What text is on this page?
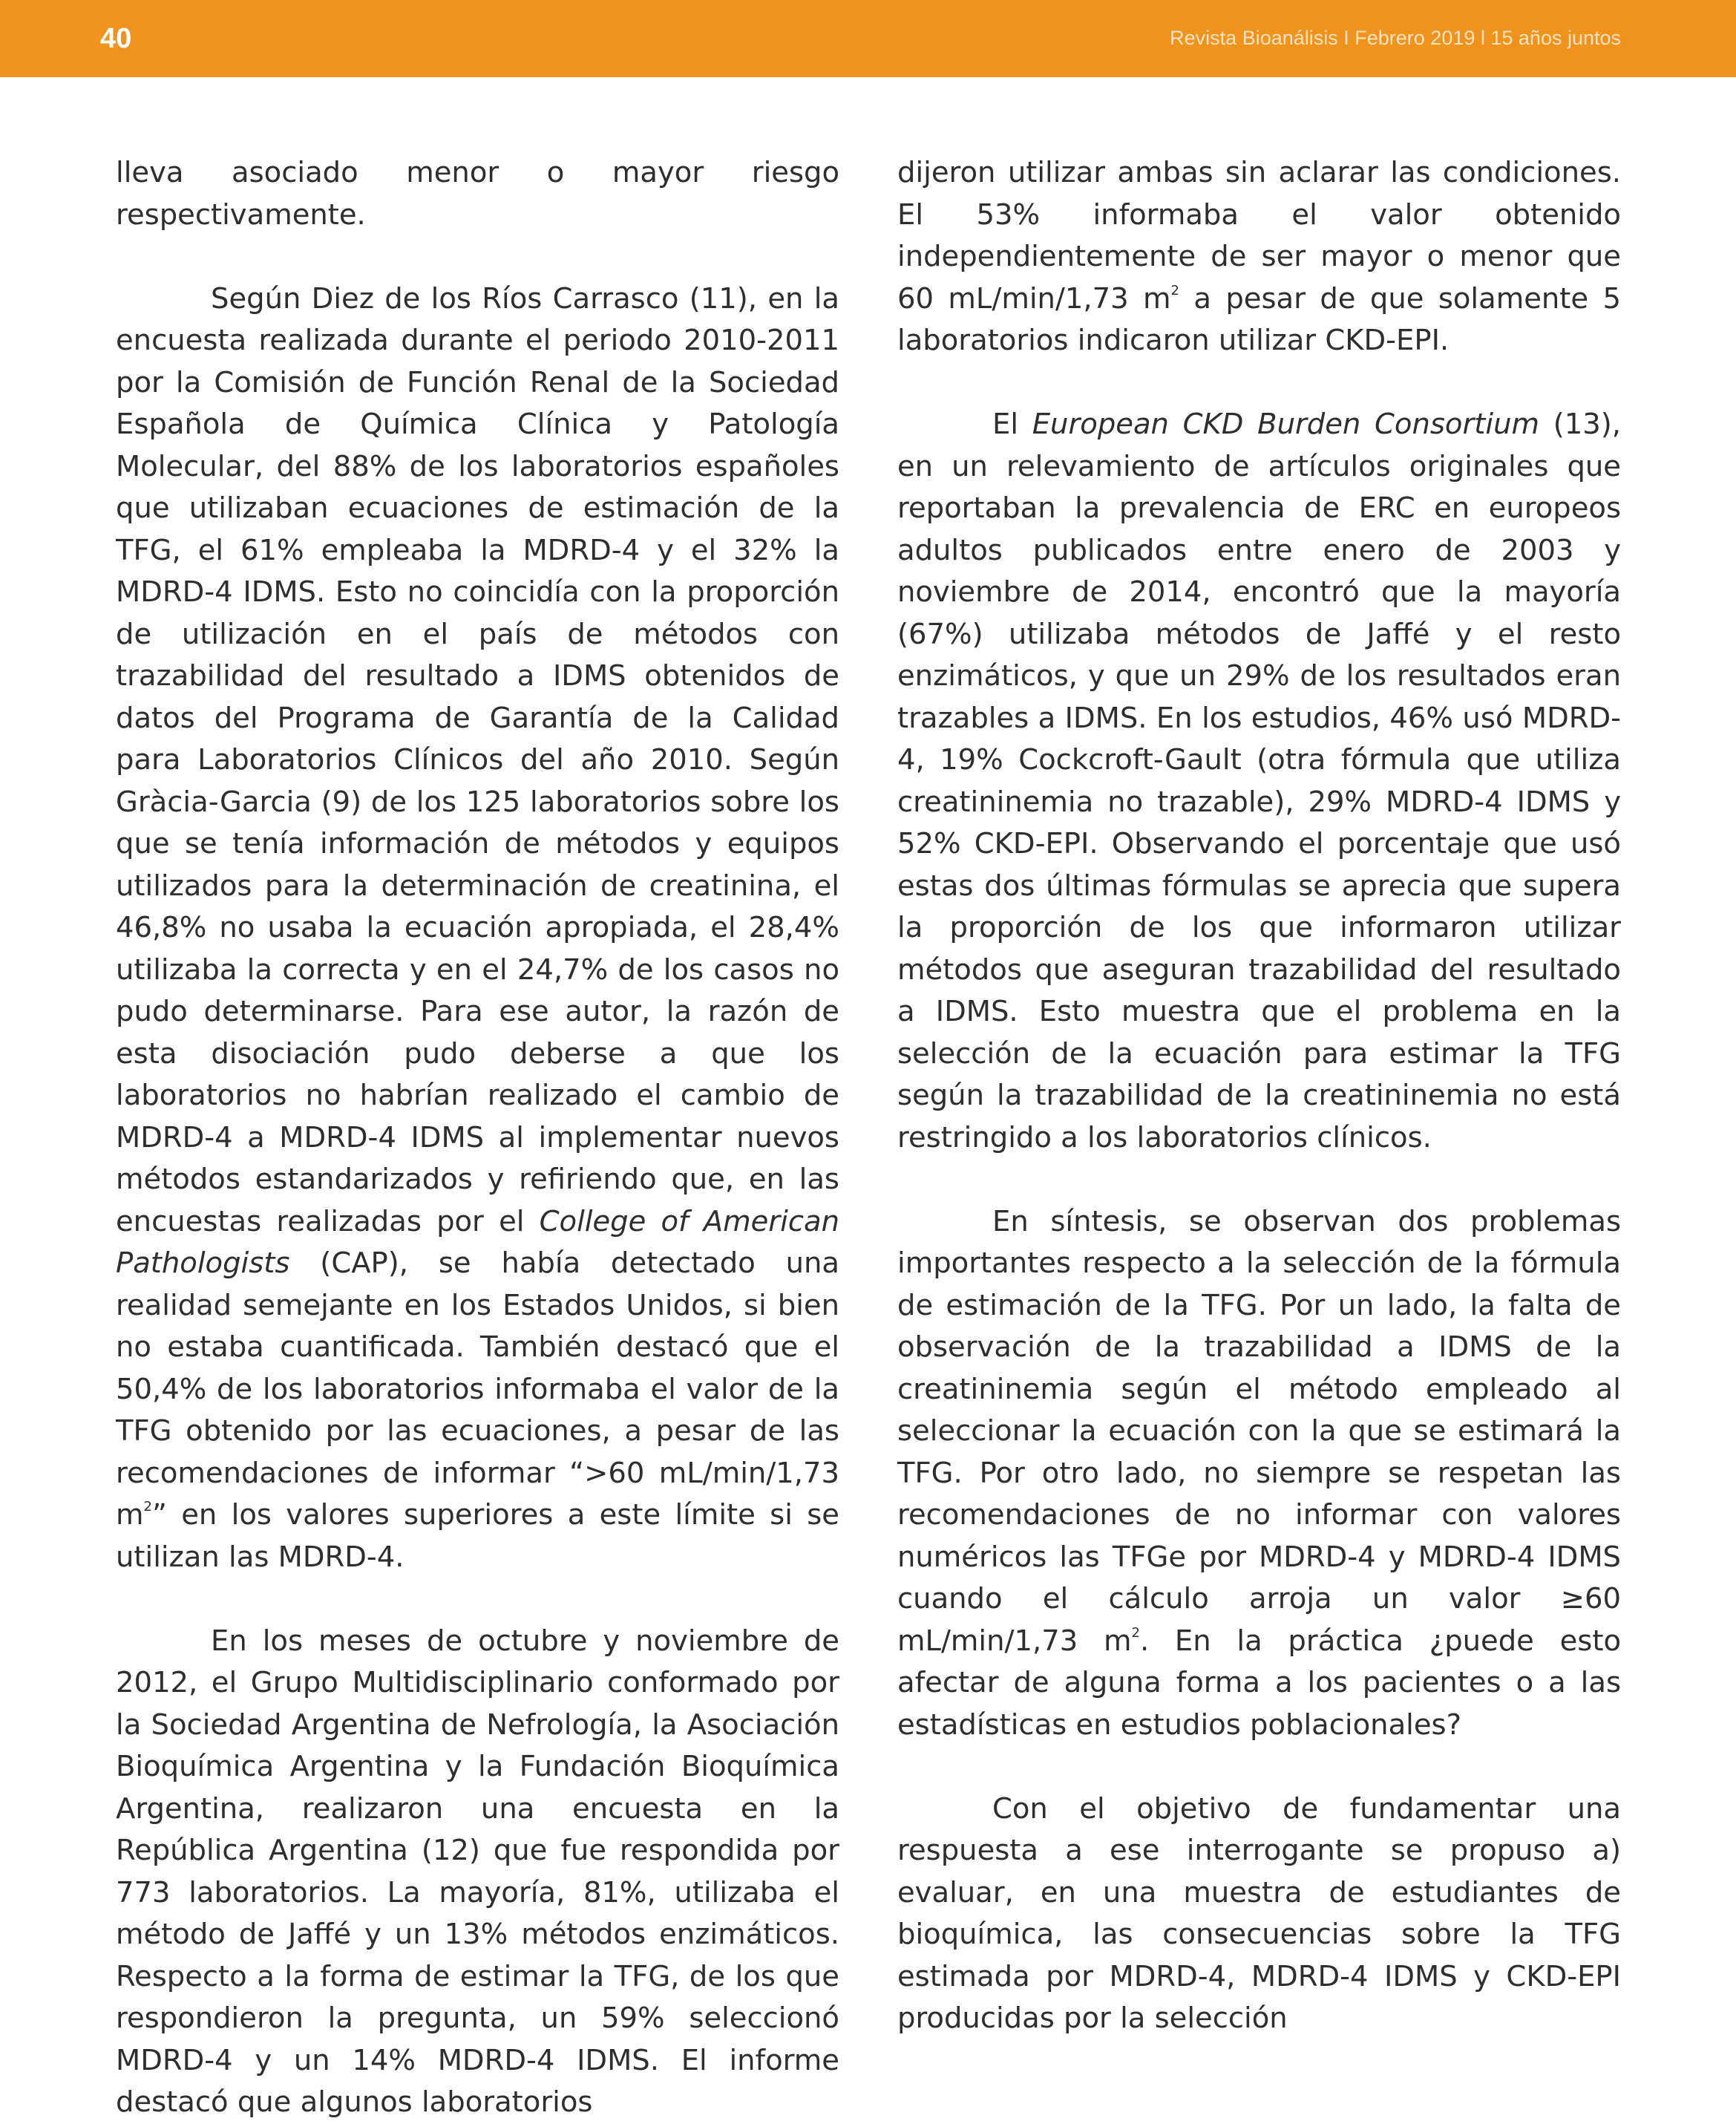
40	Revista Bioanálisis I Febrero 2019 l 15 años juntos

lleva asociado menor o mayor riesgo respectivamente.

Según Diez de los Ríos Carrasco (11), en la encuesta realizada durante el periodo 2010-2011 por la Comisión de Función Renal de la Sociedad Española de Química Clínica y Patología Molecular, del 88% de los laboratorios españoles que utilizaban ecuaciones de estimación de la TFG, el 61% empleaba la MDRD-4 y el 32% la MDRD-4 IDMS. Esto no coincidía con la proporción de utilización en el país de métodos con trazabilidad del resultado a IDMS obtenidos de datos del Programa de Garantía de la Calidad para Laboratorios Clínicos del año 2010. Según Gràcia-Garcia (9) de los 125 laboratorios sobre los que se tenía información de métodos y equipos utilizados para la determinación de creatinina, el 46,8% no usaba la ecuación apropiada, el 28,4% utilizaba la correcta y en el 24,7% de los casos no pudo determinarse. Para ese autor, la razón de esta disociación pudo deberse a que los laboratorios no habrían realizado el cambio de MDRD-4 a MDRD-4 IDMS al implementar nuevos métodos estandarizados y refiriendo que, en las encuestas realizadas por el College of American Pathologists (CAP), se había detectado una realidad semejante en los Estados Unidos, si bien no estaba cuantificada. También destacó que el 50,4% de los laboratorios informaba el valor de la TFG obtenido por las ecuaciones, a pesar de las recomendaciones de informar “>60 mL/min/1,73 $m^2$” en los valores superiores a este límite si se utilizan las MDRD-4.

En los meses de octubre y noviembre de 2012, el Grupo Multidisciplinario conformado por la Sociedad Argentina de Nefrología, la Asociación Bioquímica Argentina y la Fundación Bioquímica Argentina, realizaron una encuesta en la República Argentina (12) que fue respondida por 773 laboratorios. La mayoría, 81%, utilizaba el método de Jaffé y un 13% métodos enzimáticos. Respecto a la forma de estimar la TFG, de los que respondieron la pregunta, un 59% seleccionó MDRD-4 y un 14% MDRD-4 IDMS. El informe destacó que algunos laboratorios

dijeron utilizar ambas sin aclarar las condiciones. El 53% informaba el valor obtenido independientemente de ser mayor o menor que 60 mL/min/1,73 $m^2$ a pesar de que solamente 5 laboratorios indicaron utilizar CKD-EPI.

El European CKD Burden Consortium (13), en un relevamiento de artículos originales que reportaban la prevalencia de ERC en europeos adultos publicados entre enero de 2003 y noviembre de 2014, encontró que la mayoría (67%) utilizaba métodos de Jaffé y el resto enzimáticos, y que un 29% de los resultados eran trazables a IDMS. En los estudios, 46% usó MDRD-4, 19% Cockcroft-Gault (otra fórmula que utiliza creatininemia no trazable), 29% MDRD-4 IDMS y 52% CKD-EPI. Observando el porcentaje que usó estas dos últimas fórmulas se aprecia que supera la proporción de los que informaron utilizar métodos que aseguran trazabilidad del resultado a IDMS. Esto muestra que el problema en la selección de la ecuación para estimar la TFG según la trazabilidad de la creatininemia no está restringido a los laboratorios clínicos.

En síntesis, se observan dos problemas importantes respecto a la selección de la fórmula de estimación de la TFG. Por un lado, la falta de observación de la trazabilidad a IDMS de la creatininemia según el método empleado al seleccionar la ecuación con la que se estimará la TFG. Por otro lado, no siempre se respetan las recomendaciones de no informar con valores numéricos las TFGe por MDRD-4 y MDRD-4 IDMS cuando el cálculo arroja un valor ≥60 mL/min/1,73 $m^2$. En la práctica ¿puede esto afectar de alguna forma a los pacientes o a las estadísticas en estudios poblacionales?

Con el objetivo de fundamentar una respuesta a ese interrogante se propuso a) evaluar, en una muestra de estudiantes de bioquímica, las consecuencias sobre la TFG estimada por MDRD-4, MDRD-4 IDMS y CKD-EPI producidas por la selección
